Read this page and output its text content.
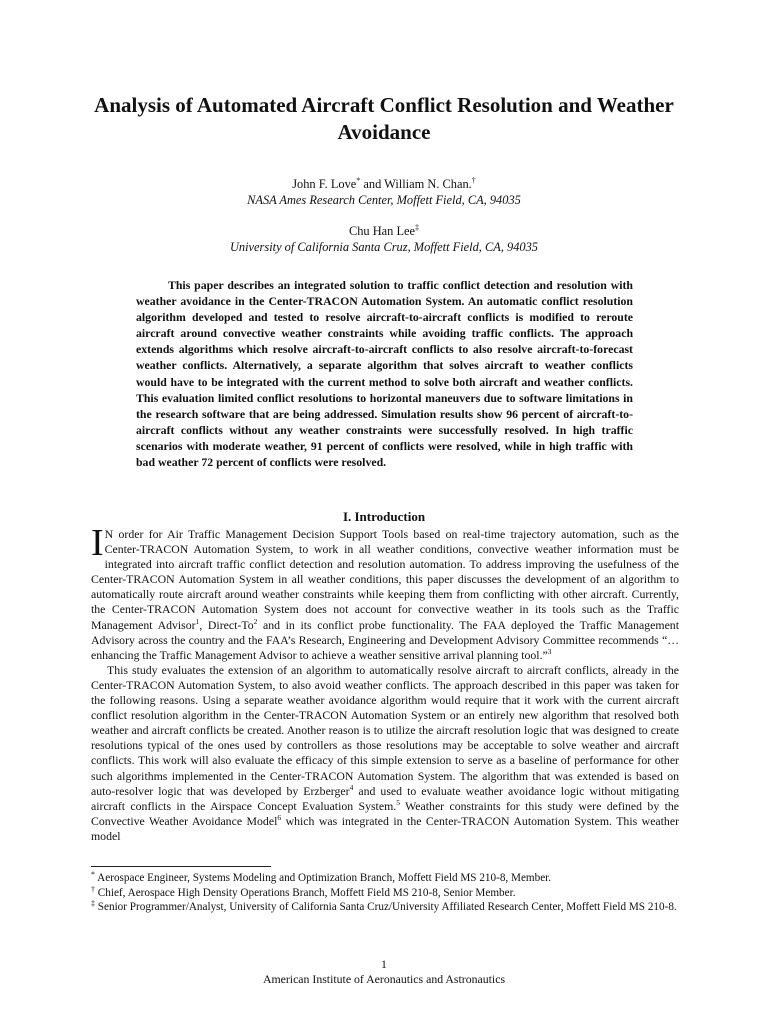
Analysis of Automated Aircraft Conflict Resolution and Weather Avoidance
John F. Love* and William N. Chan.†
NASA Ames Research Center, Moffett Field, CA, 94035
Chu Han Lee‡
University of California Santa Cruz, Moffett Field, CA, 94035

This paper describes an integrated solution to traffic conflict detection and resolution with weather avoidance in the Center-TRACON Automation System. An automatic conflict resolution algorithm developed and tested to resolve aircraft-to-aircraft conflicts is modified to reroute aircraft around convective weather constraints while avoiding traffic conflicts. The approach extends algorithms which resolve aircraft-to-aircraft conflicts to also resolve aircraft-to-forecast weather conflicts. Alternatively, a separate algorithm that solves aircraft to weather conflicts would have to be integrated with the current method to solve both aircraft and weather conflicts. This evaluation limited conflict resolutions to horizontal maneuvers due to software limitations in the research software that are being addressed. Simulation results show 96 percent of aircraft-to-aircraft conflicts without any weather constraints were successfully resolved. In high traffic scenarios with moderate weather, 91 percent of conflicts were resolved, while in high traffic with bad weather 72 percent of conflicts were resolved.

I. Introduction

I N order for Air Traffic Management Decision Support Tools based on real-time trajectory automation, such as the Center-TRACON Automation System, to work in all weather conditions, convective weather information must be integrated into aircraft traffic conflict detection and resolution automation. To address improving the usefulness of the Center-TRACON Automation System in all weather conditions, this paper discusses the development of an algorithm to automatically route aircraft around weather constraints while keeping them from conflicting with other aircraft. Currently, the Center-TRACON Automation System does not account for convective weather in its tools such as the Traffic Management Advisor$^1$, Direct-To$^2$ and in its conflict probe functionality. The FAA deployed the Traffic Management Advisory across the country and the FAA’s Research, Engineering and Development Advisory Committee recommends “…enhancing the Traffic Management Advisor to achieve a weather sensitive arrival planning tool.”$^3$

This study evaluates the extension of an algorithm to automatically resolve aircraft to aircraft conflicts, already in the Center-TRACON Automation System, to also avoid weather conflicts. The approach described in this paper was taken for the following reasons. Using a separate weather avoidance algorithm would require that it work with the current aircraft conflict resolution algorithm in the Center-TRACON Automation System or an entirely new algorithm that resolved both weather and aircraft conflicts be created. Another reason is to utilize the aircraft resolution logic that was designed to create resolutions typical of the ones used by controllers as those resolutions may be acceptable to solve weather and aircraft conflicts. This work will also evaluate the efficacy of this simple extension to serve as a baseline of performance for other such algorithms implemented in the Center-TRACON Automation System. The algorithm that was extended is based on auto-resolver logic that was developed by Erzberger$^4$ and used to evaluate weather avoidance logic without mitigating aircraft conflicts in the Airspace Concept Evaluation System.$^5$ Weather constraints for this study were defined by the Convective Weather Avoidance Model$^6$ which was integrated in the Center-TRACON Automation System. This weather model

* Aerospace Engineer, Systems Modeling and Optimization Branch, Moffett Field MS 210-8, Member.

† Chief, Aerospace High Density Operations Branch, Moffett Field MS 210-8, Senior Member.

‡ Senior Programmer/Analyst, University of California Santa Cruz/University Affiliated Research Center, Moffett Field MS 210-8.

1
American Institute of Aeronautics and Astronautics
